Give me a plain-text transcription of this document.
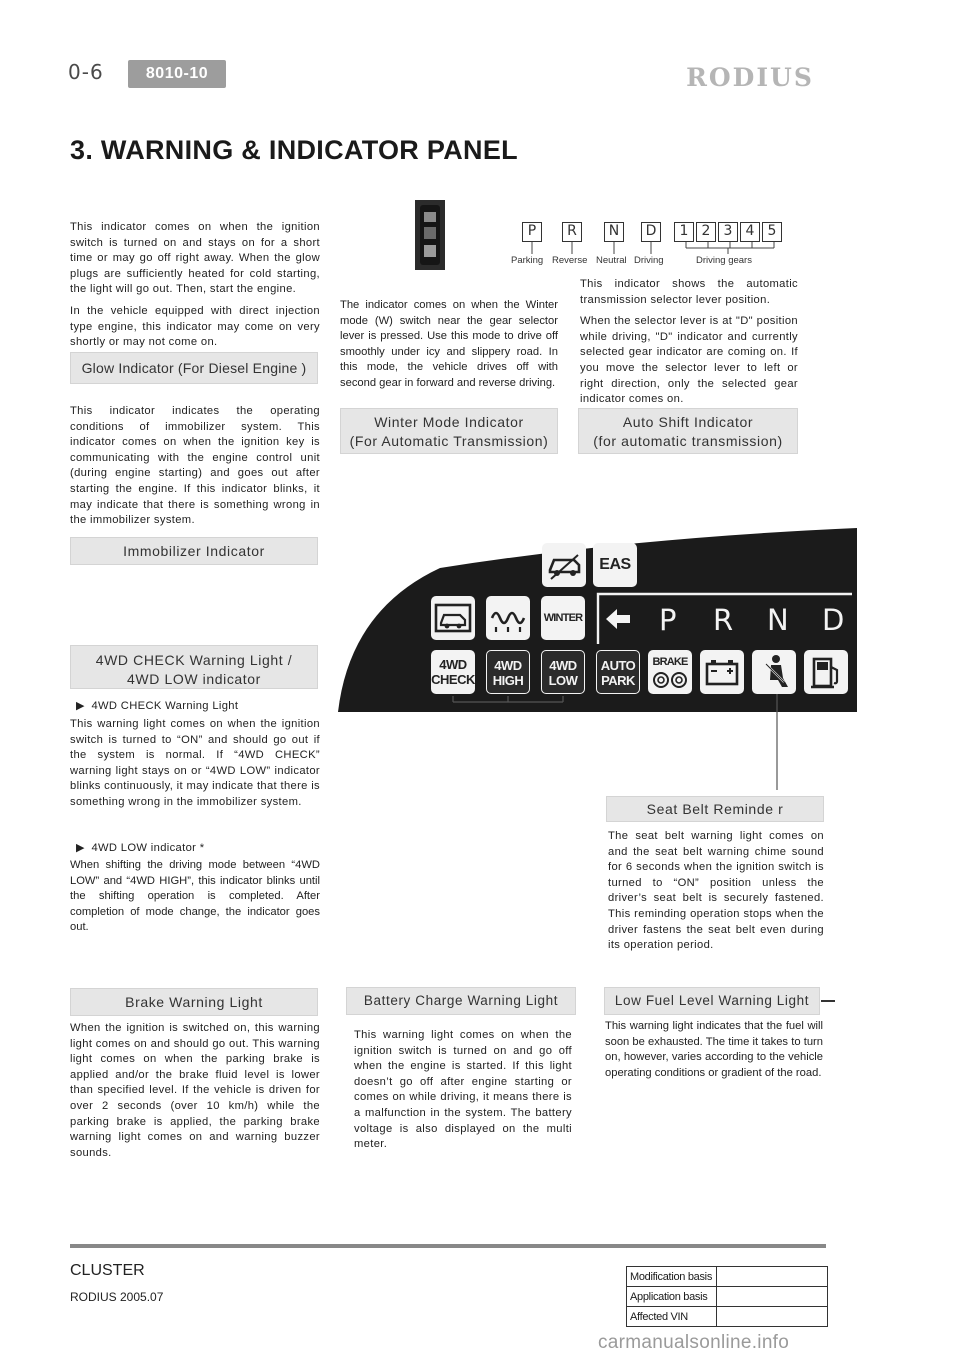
0-6	8010-10	RODIUS
3. WARNING & INDICATOR PANEL

This indicator comes on when the ignition switch is turned on and stays on for a short time or may go off right away. When the glow plugs are sufficiently heated for cold starting, the light will go out. Then, start the engine.

In the vehicle equipped with direct injection type engine, this indicator may come on very shortly or may not come on.

Glow Indicator (For Diesel Engine )
This indicator indicates the operating conditions of immobilizer system. This indicator comes on when the ignition key is communicating with the engine control unit (during engine starting) and goes out after starting the engine. If this indicator blinks, it may indicate that there is something wrong in the immobilizer system.
Immobilizer Indicator
4WD CHECK Warning Light /
4WD LOW indicator
▶ 4WD CHECK Warning Light
This warning light comes on when the ignition switch is turned to “ON” and should go out if the system is normal. If “4WD CHECK” warning light stays on or “4WD LOW” indicator blinks continuously, it may indicate that there is something wrong in the immobilizer system.
▶ 4WD LOW indicator *
When shifting the driving mode between “4WD LOW” and “4WD HIGH”, this indicator blinks until the shifting operation is completed. After completion of mode change, the indicator goes out.
Brake Warning Light
When the ignition is switched on, this warning light comes on and should go out. This warning light comes on when the parking brake is applied and/or the brake fluid level is lower than specified level. If the vehicle is driven for over 2 seconds (over 10 km/h) while the parking brake is applied, the parking brake warning light comes on and warning buzzer sounds.
P	R	N	D	1 2 3 4 5
Parking Reverse Neutral Driving	Driving gears
The indicator comes on when the Winter mode (W) switch near the gear selector lever is pressed. Use this mode to drive off smoothly under icy and slippery road. In this mode, the vehicle drives off with second gear in forward and reverse driving.
Winter Mode Indicator
(For Automatic Transmission)

This indicator shows the automatic transmission selector lever position.

When the selector lever is at "D" position while driving, "D" indicator and currently selected gear indicator are coming on. If you move the selector lever to left or right direction, only the selected gear indicator comes on.

Auto Shift Indicator
(for automatic transmission)
EAS
WINTER	P R N D
4WD
CHECK
4WD
HIGH
4WD
LOW
AUTO
PARK
BRAKE
Seat Belt Reminde r
The seat belt warning light comes on and the seat belt warning chime sound for 6 seconds when the ignition switch is turned to “ON” position unless the driver’s seat belt is securely fastened. This reminding operation stops when the driver fastens the seat belt even during its operation period.
Battery Charge Warning Light
This warning light comes on when the ignition switch is turned on and go off when the engine is started. If this light doesn’t go off after engine starting or comes on while driving, it means there is a malfunction in the system. The battery voltage is also displayed on the multi meter.
Low Fuel Level Warning Light
This warning light indicates that the fuel will soon be exhausted. The time it takes to turn on, however, varies according to the vehicle operating conditions or gradient of the road.
CLUSTER
RODIUS 2005.07
Modification basis	
Application basis	
Affected VIN	
carmanualsonline.info
